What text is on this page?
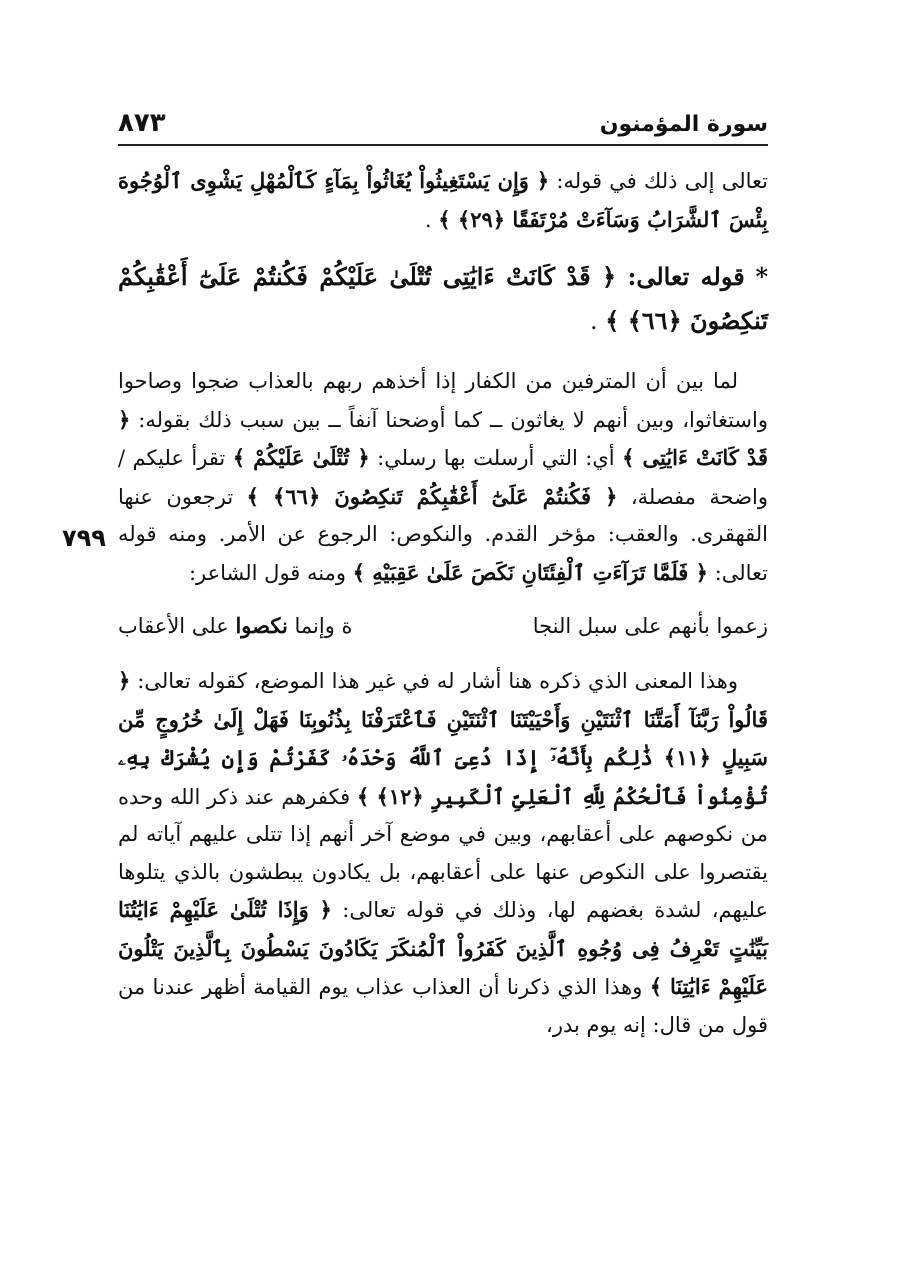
سورة المؤمنون
٨٧٣
٧٩٩

تعالى إلى ذلك في قوله: ﴿ وَإِن يَسْتَغِيثُواْ يُغَاثُواْ بِمَآءٍ كَٱلْمُهْلِ يَشْوِى ٱلْوُجُوهَ بِئْسَ ٱلشَّرَابُ وَسَآءَتْ مُرْتَفَقًا ﴿٢٩﴾ ﴾ .

* قوله تعالى: ﴿ قَدْ كَانَتْ ءَايَٰتِى تُتْلَىٰ عَلَيْكُمْ فَكُنتُمْ عَلَىٰٓ أَعْقَٰبِكُمْ تَنكِصُونَ ﴿٦٦﴾ ﴾ .

لما بين أن المترفين من الكفار إذا أخذهم ربهم بالعذاب ضجوا وصاحوا واستغاثوا، وبين أنهم لا يغاثون ــ كما أوضحنا آنفاً ــ بين سبب ذلك بقوله: ﴿ قَدْ كَانَتْ ءَايَٰتِى ﴾ أي: التي أرسلت بها رسلي: ﴿ تُتْلَىٰ عَلَيْكُمْ ﴾ تقرأ عليكم / واضحة مفصلة، ﴿ فَكُنتُمْ عَلَىٰٓ أَعْقَٰبِكُمْ تَنكِصُونَ ﴿٦٦﴾ ﴾ ترجعون عنها القهقرى. والعقب: مؤخر القدم. والنكوص: الرجوع عن الأمر. ومنه قوله تعالى: ﴿ فَلَمَّا تَرَآءَتِ ٱلْفِئَتَانِ نَكَصَ عَلَىٰ عَقِبَيْهِ ﴾ ومنه قول الشاعر:

زعموا بأنهم على سبل النجا
ة وإنما نكصوا على الأعقاب

وهذا المعنى الذي ذكره هنا أشار له في غير هذا الموضع، كقوله تعالى: ﴿ قَالُواْ رَبَّنَآ أَمَتَّنَا ٱثْنَتَيْنِ وَأَحْيَيْتَنَا ٱثْنَتَيْنِ فَٱعْتَرَفْنَا بِذُنُوبِنَا فَهَلْ إِلَىٰ خُرُوجٍ مِّن سَبِيلٍ ﴿١١﴾ ذَٰلِكُم بِأَنَّهُۥٓ إِذَا دُعِىَ ٱللَّهُ وَحْدَهُۥ كَفَرْتُمْ وَإِن يُشْرَكْ بِهِۦ تُؤْمِنُواْ فَٱلْحُكْمُ لِلَّهِ ٱلْعَلِىِّ ٱلْكَبِيرِ ﴿١٢﴾ ﴾ فكفرهم عند ذكر الله وحده من نكوصهم على أعقابهم، وبين في موضع آخر أنهم إذا تتلى عليهم آياته لم يقتصروا على النكوص عنها على أعقابهم، بل يكادون يبطشون بالذي يتلوها عليهم، لشدة بغضهم لها، وذلك في قوله تعالى: ﴿ وَإِذَا تُتْلَىٰ عَلَيْهِمْ ءَايَٰتُنَا بَيِّنَٰتٍ تَعْرِفُ فِى وُجُوهِ ٱلَّذِينَ كَفَرُواْ ٱلْمُنكَرَ يَكَادُونَ يَسْطُونَ بِٱلَّذِينَ يَتْلُونَ عَلَيْهِمْ ءَايَٰتِنَا ﴾ وهذا الذي ذكرنا أن العذاب عذاب يوم القيامة أظهر عندنا من قول من قال: إنه يوم بدر،
